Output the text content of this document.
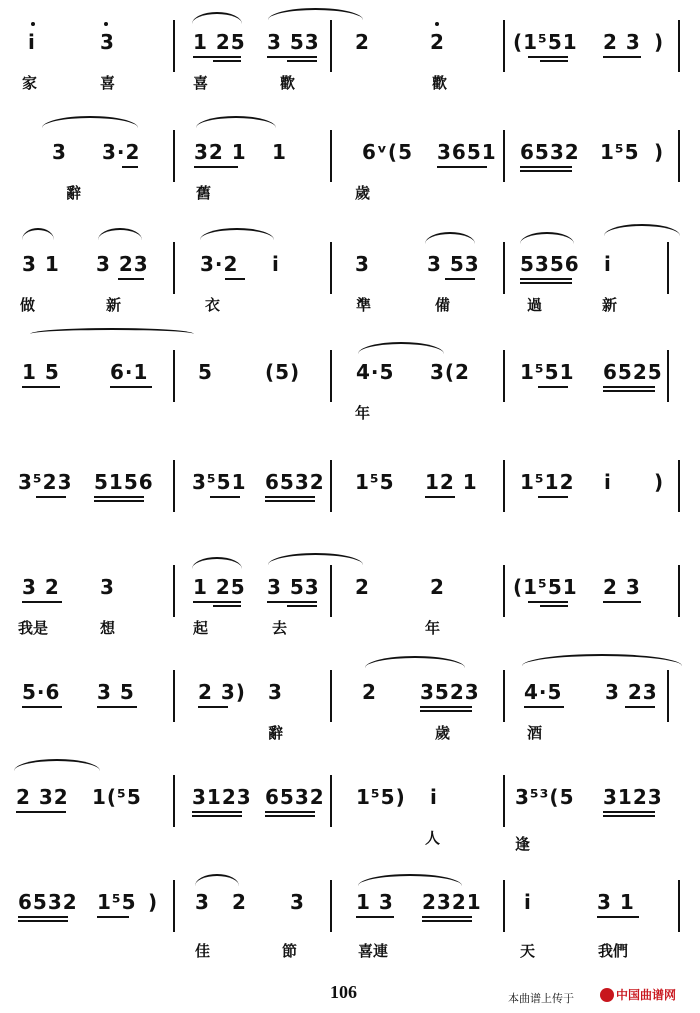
i	3	1 25 3 53 2	2	(1⁵51 2 3 )
家	喜	喜	歡	歡
3 3·2	32 1 1	6ᵛ(5 3651 6532 1⁵5 )
辭	舊	歲
3 1 3 23	3·2 i	3	3 53 5356 i
做	新	衣	準	備	過	新
1 5	6·1 5	(5)	4·5 3(2	1⁵51 6525
年
3⁵23 5156 3⁵51 6532 1⁵5 12 1 1⁵12 i )
3 2 3	1 25 3 53 2	2	(1⁵51 2 3
我是	想	起	去	年
5·6 3 5	2 3) 3	2 3523 4·5 3 23
辭	歲	酒
2 32 1(⁵5	3123 6532 1⁵5) i	3⁵³(5 3123
人	逢
6532 1⁵5 ) 3 2 3	1 3 2321 i	3 1
佳	節	喜連	天	我們
106	本曲谱上传于	中国曲谱网
